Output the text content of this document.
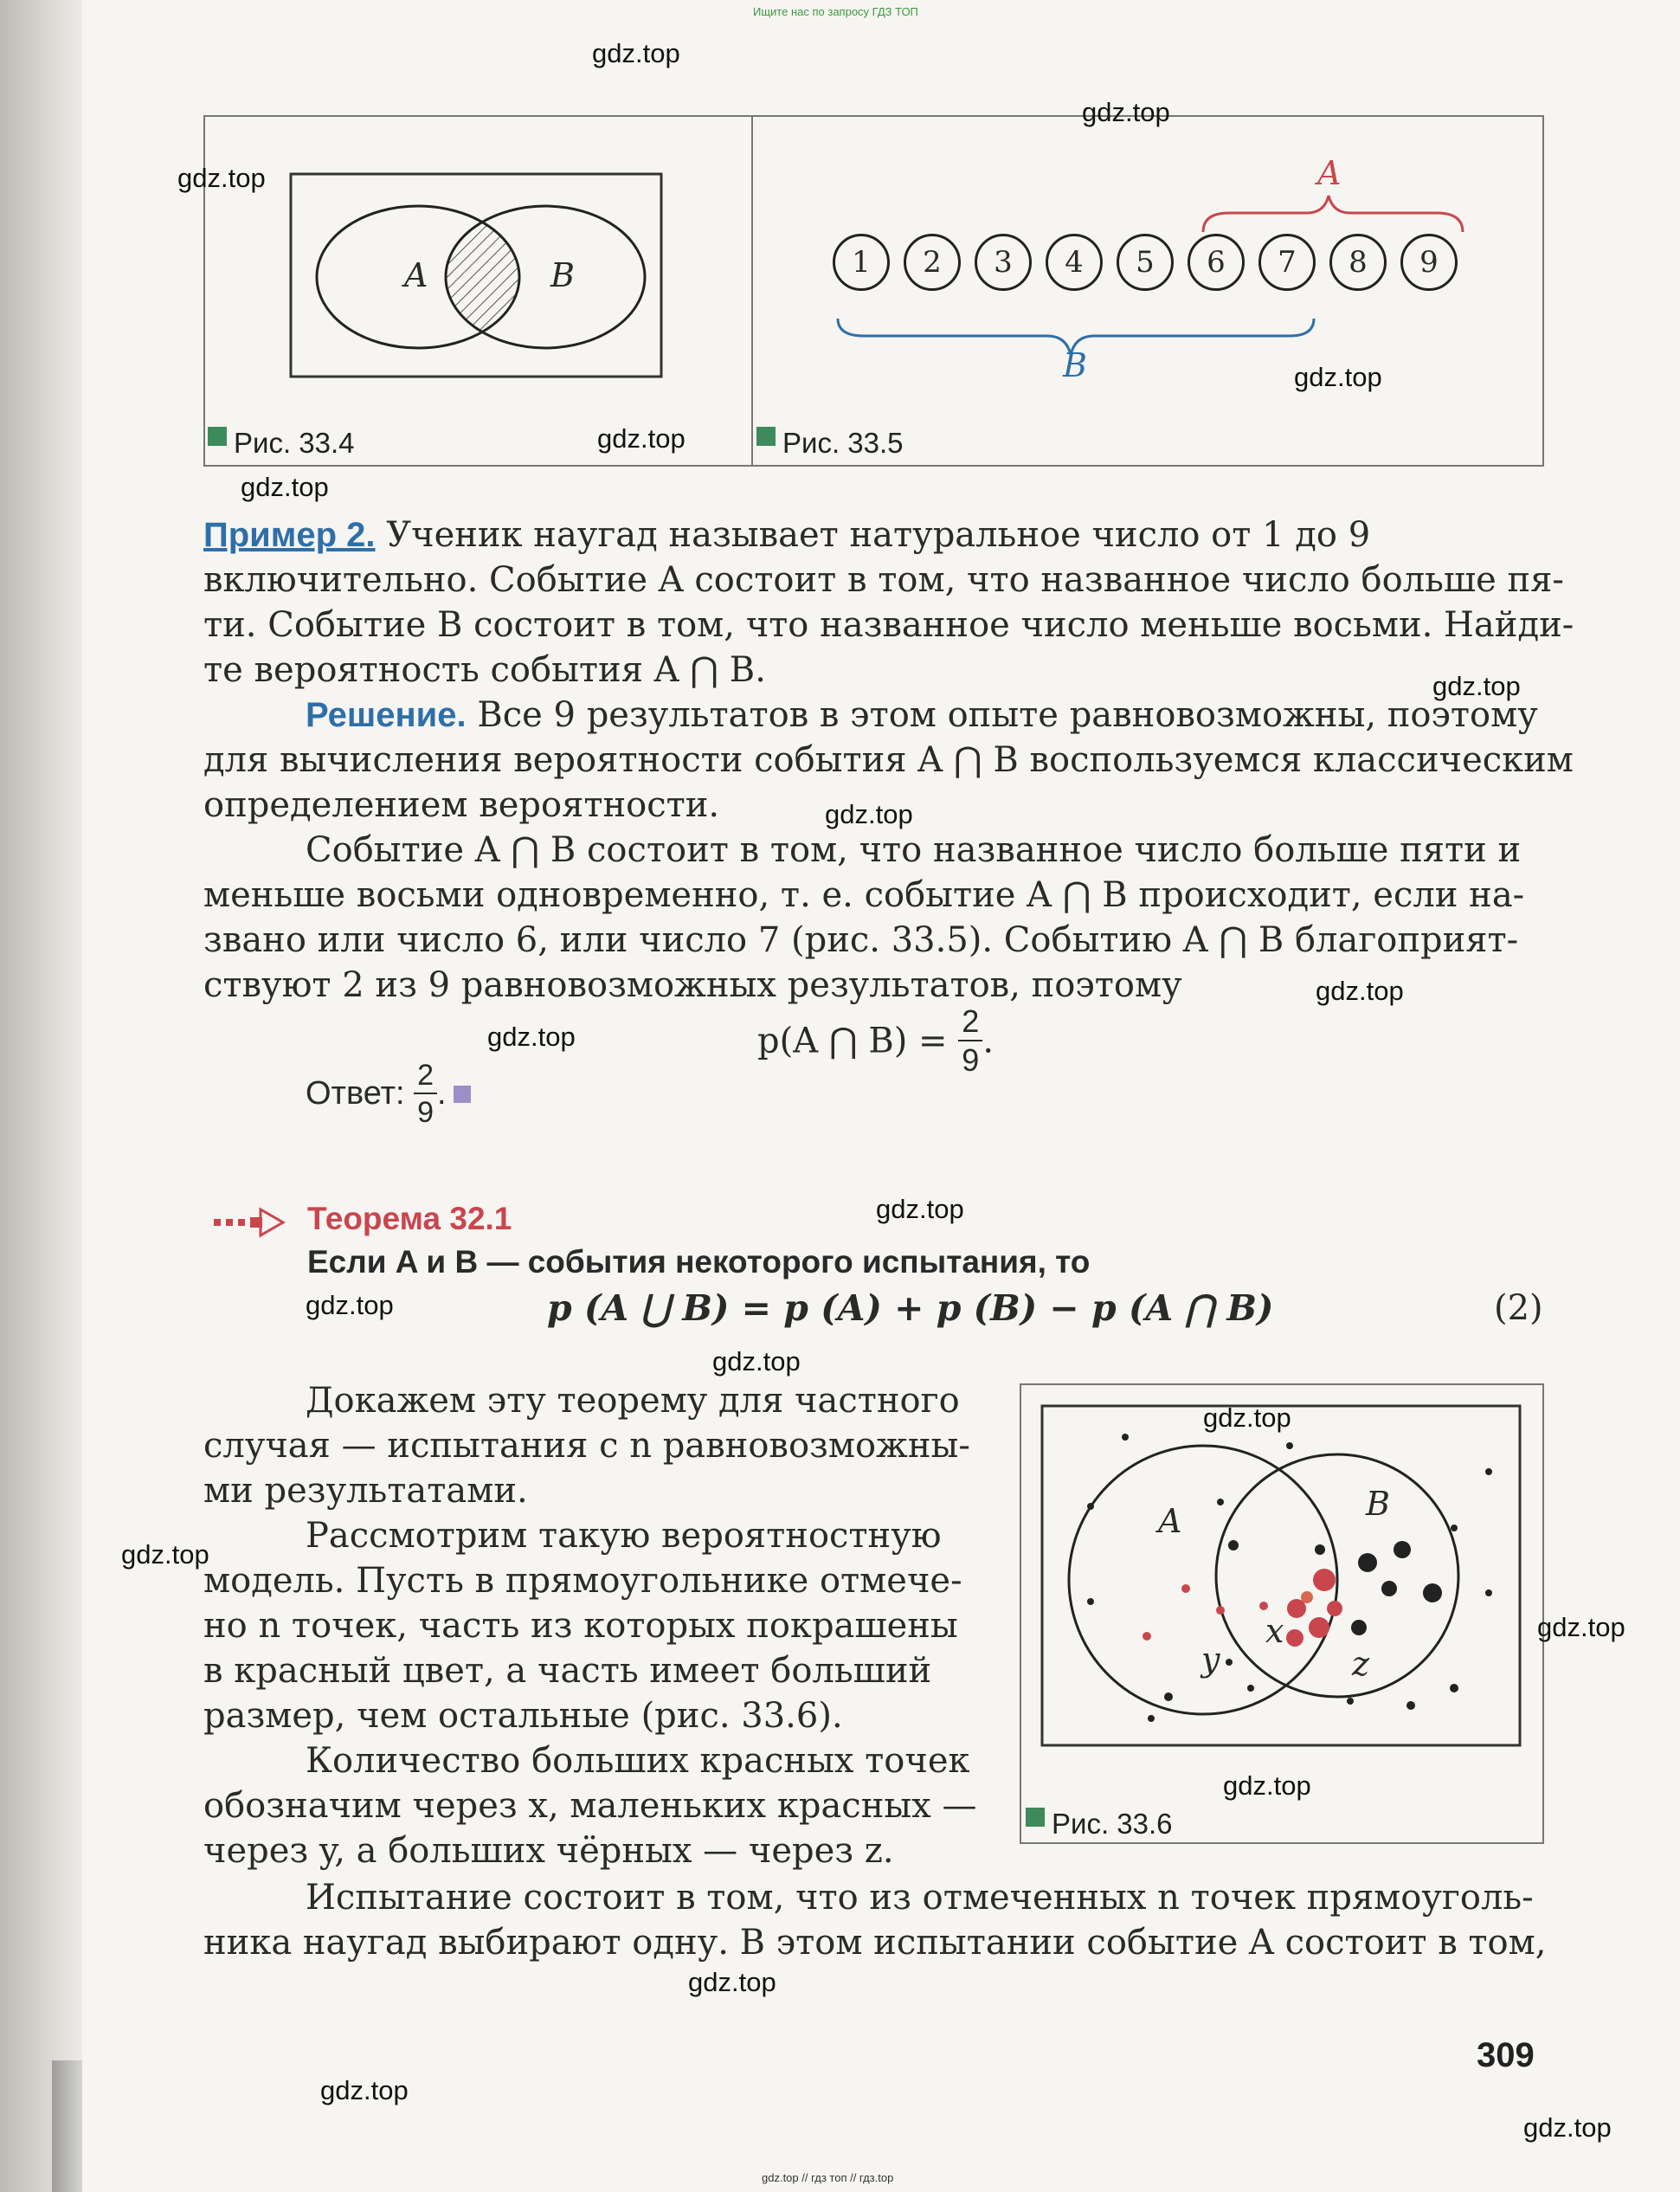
Ищите нас по запросу ГДЗ ТОП
A	B
Рис. 33.4
A
B
1	2	3	4	5	6	7	8	9
Рис. 33.5
Пример 2. Ученик наугад называет натуральное число от 1 до 9
включительно. Событие A состоит в том, что названное число больше пя-
ти. Событие B состоит в том, что названное число меньше восьми. Найди-
те вероятность события A ⋂ B.
Решение. Все 9 результатов в этом опыте равновозможны, поэтому
для вычисления вероятности события A ⋂ B воспользуемся классическим
определением вероятности.
Событие A ⋂ B состоит в том, что названное число больше пяти и
меньше восьми одновременно, т. е. событие A ⋂ B происходит, если на-
звано или число 6, или число 7 (рис. 33.5). Событию A ⋂ B благоприят-
ствуют 2 из 9 равновозможных результатов, поэтому
p(A ⋂ $B) = \frac{2}{9}$ .
Ответ: $\frac{2}{9}$ .
Теорема 32.1
Если A и B — события некоторого испытания, то
p (A ⋃ B) = p (A) + p (B) − p (A ⋂ B)	(2)
Докажем эту теорему для частного
случая — испытания с n равновозможны-
ми результатами.
Рассмотрим такую вероятностную
модель. Пусть в прямоугольнике отмече-
но n точек, часть из которых покрашены
в красный цвет, а часть имеет больший
размер, чем остальные (рис. 33.6).
Количество больших красных точек
обозначим через x, маленьких красных —
через y, а больших чёрных — через z.
Испытание состоит в том, что из отмеченных n точек прямоуголь-
ника наугад выбирают одну. В этом испытании событие A состоит в том,
A	B
x
y	z
Рис. 33.6
309
gdz.top // гдз топ // гдз.top
gdz.top
gdz.top
gdz.top
gdz.top
gdz.top
gdz.top
gdz.top
gdz.top
gdz.top
gdz.top
gdz.top
gdz.top
gdz.top
gdz.top
gdz.top
gdz.top
gdz.top
gdz.top
gdz.top
gdz.top
